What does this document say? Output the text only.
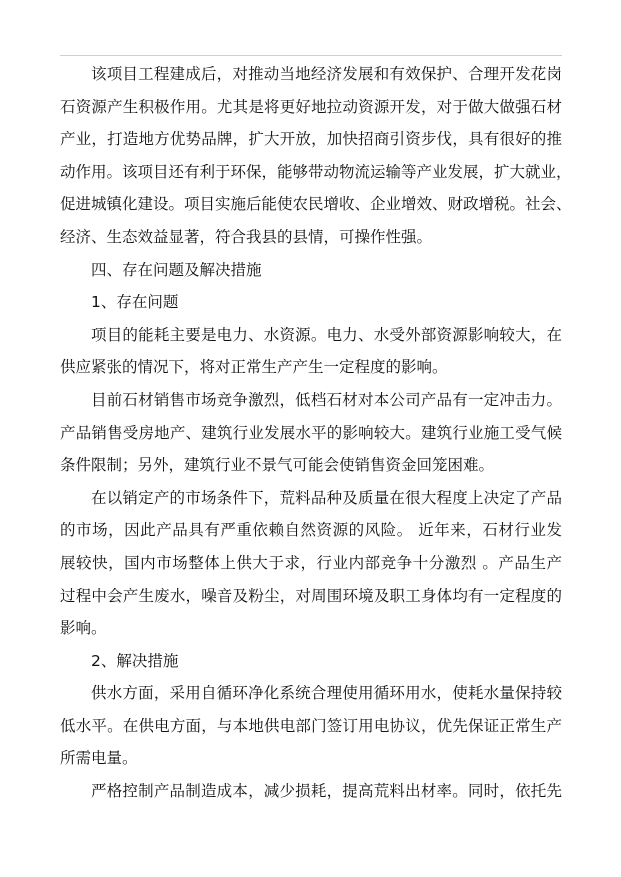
该项目工程建成后，对推动当地经济发展和有效保护、合理开发花岗
石资源产生积极作用。尤其是将更好地拉动资源开发，对于做大做强石材
产业，打造地方优势品牌，扩大开放，加快招商引资步伐，具有很好的推
动作用。该项目还有利于环保，能够带动物流运输等产业发展，扩大就业，
促进城镇化建设。项目实施后能使农民增收、企业增效、财政增税。社会、
经济、生态效益显著，符合我县的县情，可操作性强。
四、存在问题及解决措施
1、存在问题
项目的能耗主要是电力、水资源。电力、水受外部资源影响较大，在
供应紧张的情况下，将对正常生产产生一定程度的影响。
目前石材销售市场竞争激烈，低档石材对本公司产品有一定冲击力。
产品销售受房地产、建筑行业发展水平的影响较大。建筑行业施工受气候
条件限制；另外，建筑行业不景气可能会使销售资金回笼困难。
在以销定产的市场条件下，荒料品种及质量在很大程度上决定了产品
的市场，因此产品具有严重依赖自然资源的风险。 近年来，石材行业发
展较快，国内市场整体上供大于求，行业内部竞争十分激烈 。产品生产
过程中会产生废水，噪音及粉尘，对周围环境及职工身体均有一定程度的
影响。
2、解决措施
供水方面，采用自循环净化系统合理使用循环用水，使耗水量保持较
低水平。在供电方面，与本地供电部门签订用电协议，优先保证正常生产
所需电量。
严格控制产品制造成本，减少损耗，提高荒料出材率。同时，依托先
